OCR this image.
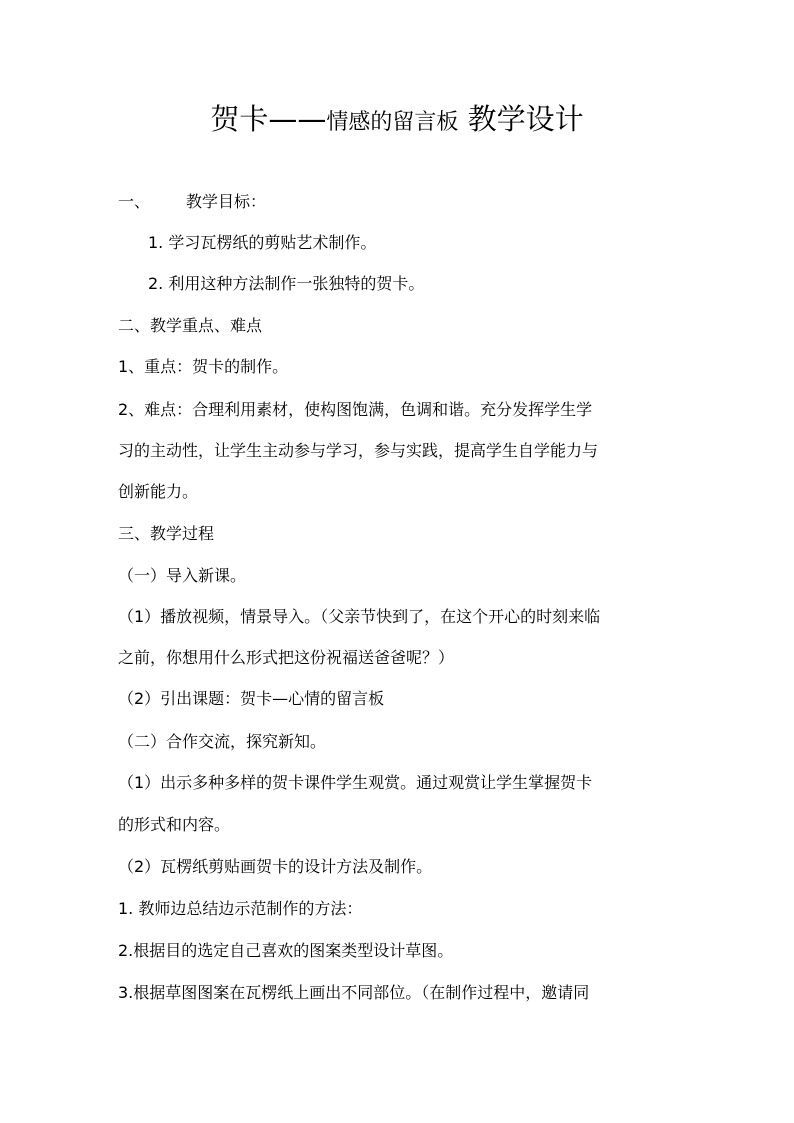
贺卡——情感的留言板 教学设计
一、 教学目标：
1. 学习瓦楞纸的剪贴艺术制作。
2. 利用这种方法制作一张独特的贺卡。
二、教学重点、难点
1、重点：贺卡的制作。
2、难点：合理利用素材，使构图饱满，色调和谐。充分发挥学生学
习的主动性，让学生主动参与学习，参与实践，提高学生自学能力与
创新能力。
三、教学过程
（一）导入新课。
（1）播放视频，情景导入。（父亲节快到了，在这个开心的时刻来临
之前，你想用什么形式把这份祝福送爸爸呢？）
（2）引出课题：贺卡—心情的留言板
（二）合作交流，探究新知。
（1）出示多种多样的贺卡课件学生观赏。通过观赏让学生掌握贺卡
的形式和内容。
（2）瓦楞纸剪贴画贺卡的设计方法及制作。
1. 教师边总结边示范制作的方法：
2.根据目的选定自己喜欢的图案类型设计草图。
3.根据草图图案在瓦楞纸上画出不同部位。（在制作过程中，邀请同
